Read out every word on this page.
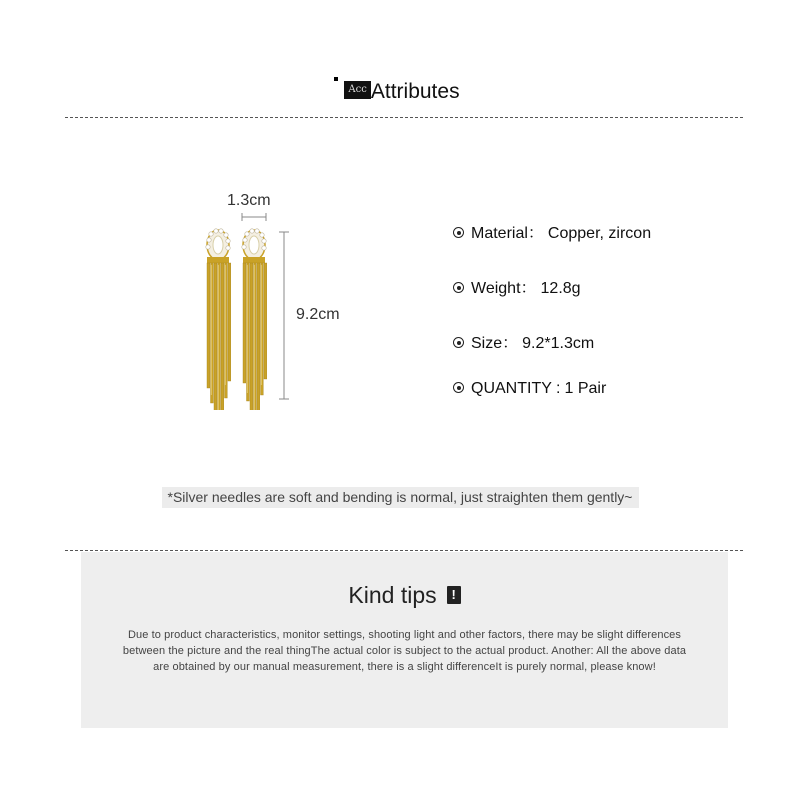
Acc Attributes
1.3cm
9.2cm
Material： Copper, zircon
Weight： 12.8g
Size： 9.2*1.3cm
QUANTITY : 1 Pair
*Silver needles are soft and bending is normal, just straighten them gently~
Kind tips !
Due to product characteristics, monitor settings, shooting light and other factors, there may be slight differences between the picture and the real thingThe actual color is subject to the actual product. Another: All the above data are obtained by our manual measurement, there is a slight differenceIt is purely normal, please know!
